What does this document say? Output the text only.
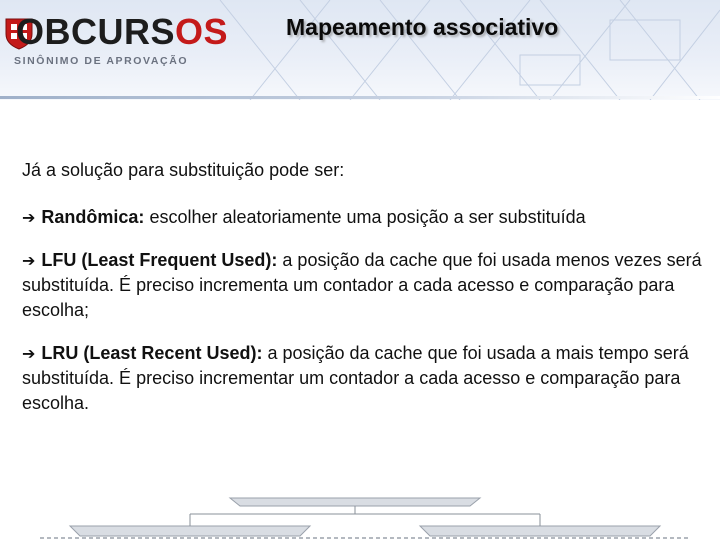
OBCURSOS
SINÔNIMO DE APROVAÇÃO
Mapeamento associativo

Já a solução para substituição pode ser:

➔ Randômica: escolher aleatoriamente uma posição a ser substituída

➔ LFU (Least Frequent Used): a posição da cache que foi usada menos vezes será substituída. É preciso incrementa um contador a cada acesso e comparação para escolha;

➔ LRU (Least Recent Used): a posição da cache que foi usada a mais tempo será substituída. É preciso incrementar um contador a cada acesso e comparação para escolha.
